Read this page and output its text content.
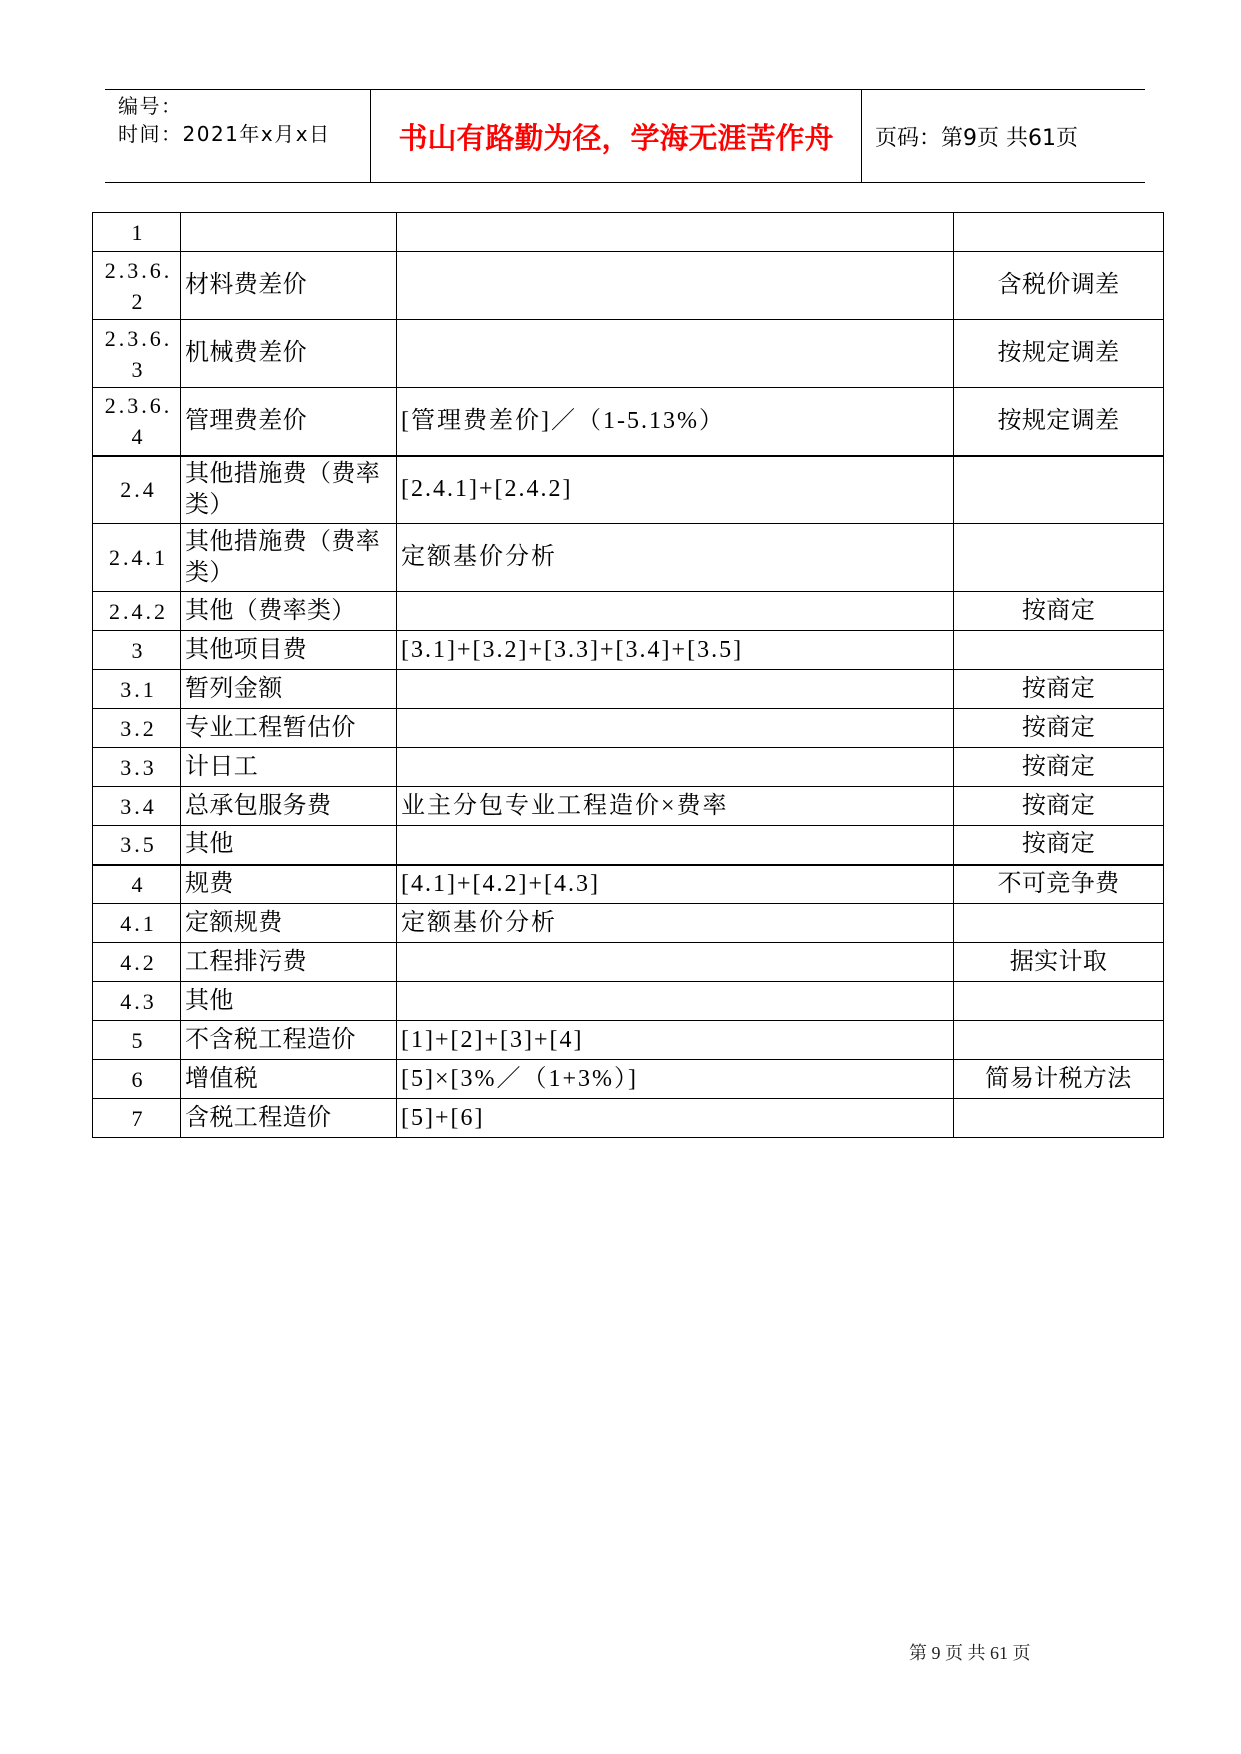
编号：
时间：2021年x月x日	书山有路勤为径，学海无涯苦作舟 页码：第9页 共61页
1			
2.3.6.2	材料费差价		含税价调差
2.3.6.3	机械费差价		按规定调差
2.3.6.4	管理费差价	[管理费差价]／（1-5.13%）	按规定调差
2.4	其他措施费（费率类）	[2.4.1]+[2.4.2]	
2.4.1	其他措施费（费率类）	定额基价分析	
2.4.2	其他（费率类）		按商定
3	其他项目费	[3.1]+[3.2]+[3.3]+[3.4]+[3.5]	
3.1	暂列金额		按商定
3.2	专业工程暂估价		按商定
3.3	计日工		按商定
3.4	总承包服务费	业主分包专业工程造价×费率	按商定
3.5	其他		按商定
4	规费	[4.1]+[4.2]+[4.3]	不可竞争费
4.1	定额规费	定额基价分析	
4.2	工程排污费		据实计取
4.3	其他		
5	不含税工程造价	[1]+[2]+[3]+[4]	
6	增值税	[5]×[3%／（1+3%）]	简易计税方法
7	含税工程造价	[5]+[6]	
第 9 页 共 61 页
